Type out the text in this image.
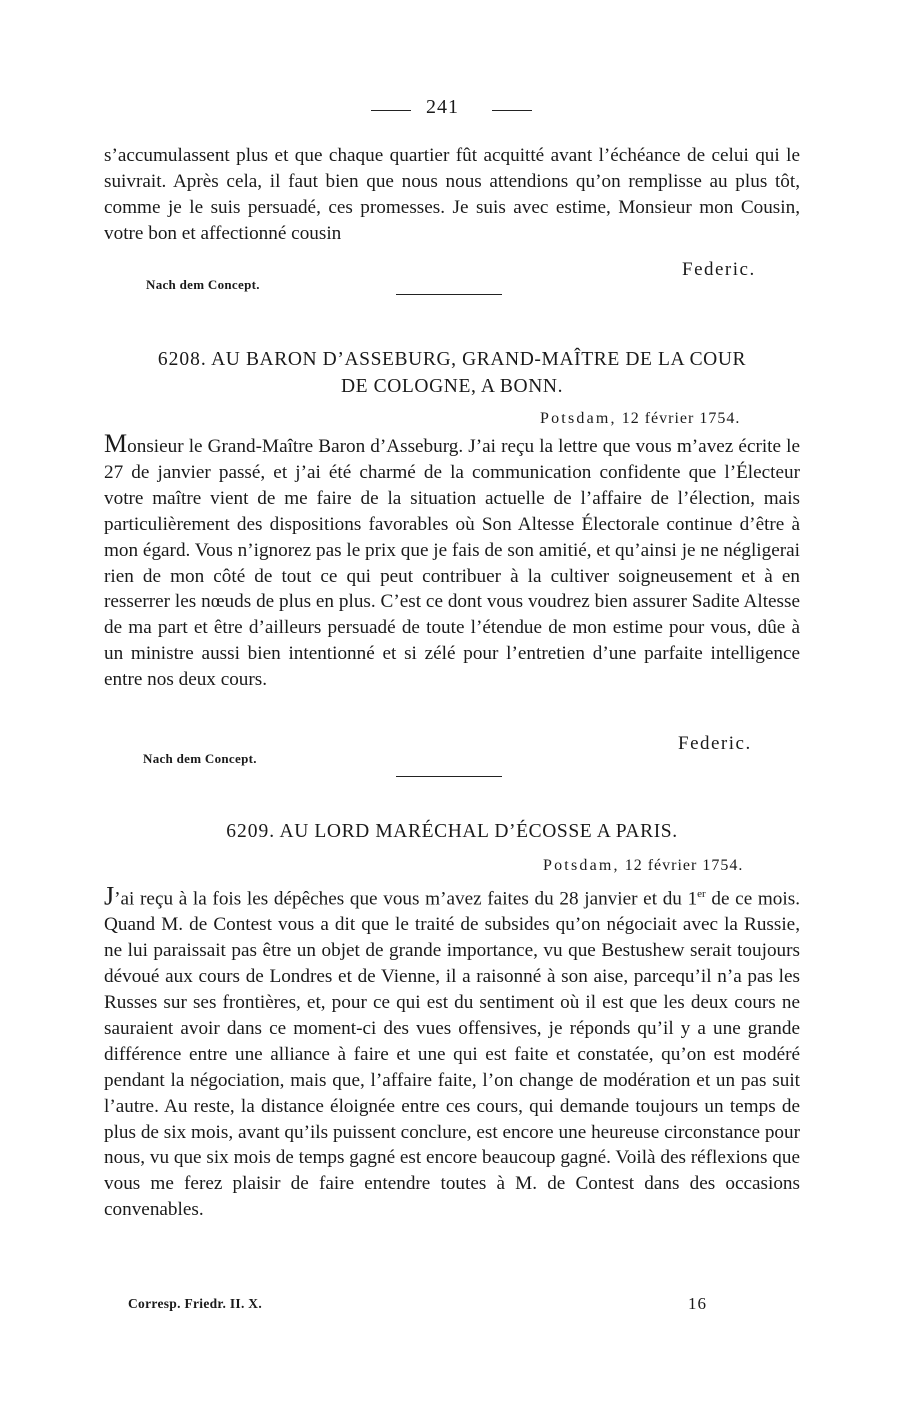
241

s’accumulassent plus et que chaque quartier fût acquitté avant l’échéance de celui qui le suivrait. Après cela, il faut bien que nous nous attendions qu’on remplisse au plus tôt, comme je le suis persuadé, ces promesses. Je suis avec estime, Monsieur mon Cousin, votre bon et affectionné cousin

Federic.
Nach dem Concept.
6208. AU BARON D’ASSEBURG, GRAND-MAÎTRE DE LA COUR
DE COLOGNE, A BONN.
Potsdam, 12 février 1754.

Monsieur le Grand-Maître Baron d’Asseburg. J’ai reçu la lettre que vous m’avez écrite le 27 de janvier passé, et j’ai été charmé de la communication confidente que l’Électeur votre maître vient de me faire de la situation actuelle de l’affaire de l’élection, mais particulièrement des dispositions favorables où Son Altesse Électorale continue d’être à mon égard. Vous n’ignorez pas le prix que je fais de son amitié, et qu’ainsi je ne négligerai rien de mon côté de tout ce qui peut contribuer à la cultiver soigneusement et à en resserrer les nœuds de plus en plus. C’est ce dont vous voudrez bien assurer Sadite Altesse de ma part et être d’ailleurs persuadé de toute l’étendue de mon estime pour vous, dûe à un ministre aussi bien intentionné et si zélé pour l’entretien d’une parfaite intelligence entre nos deux cours.

Federic.
Nach dem Concept.
6209. AU LORD MARÉCHAL D’ÉCOSSE A PARIS.
Potsdam, 12 février 1754.

J’ai reçu à la fois les dépêches que vous m’avez faites du 28 janvier et du 1er de ce mois. Quand M. de Contest vous a dit que le traité de subsides qu’on négociait avec la Russie, ne lui paraissait pas être un objet de grande importance, vu que Bestushew serait toujours dévoué aux cours de Londres et de Vienne, il a raisonné à son aise, parcequ’il n’a pas les Russes sur ses frontières, et, pour ce qui est du sentiment où il est que les deux cours ne sauraient avoir dans ce moment-ci des vues offensives, je réponds qu’il y a une grande différence entre une alliance à faire et une qui est faite et constatée, qu’on est modéré pendant la négociation, mais que, l’affaire faite, l’on change de modération et un pas suit l’autre. Au reste, la distance éloignée entre ces cours, qui demande toujours un temps de plus de six mois, avant qu’ils puissent conclure, est encore une heureuse circonstance pour nous, vu que six mois de temps gagné est encore beaucoup gagné. Voilà des réflexions que vous me ferez plaisir de faire entendre toutes à M. de Contest dans des occasions convenables.

Corresp. Friedr. II. X.	16
